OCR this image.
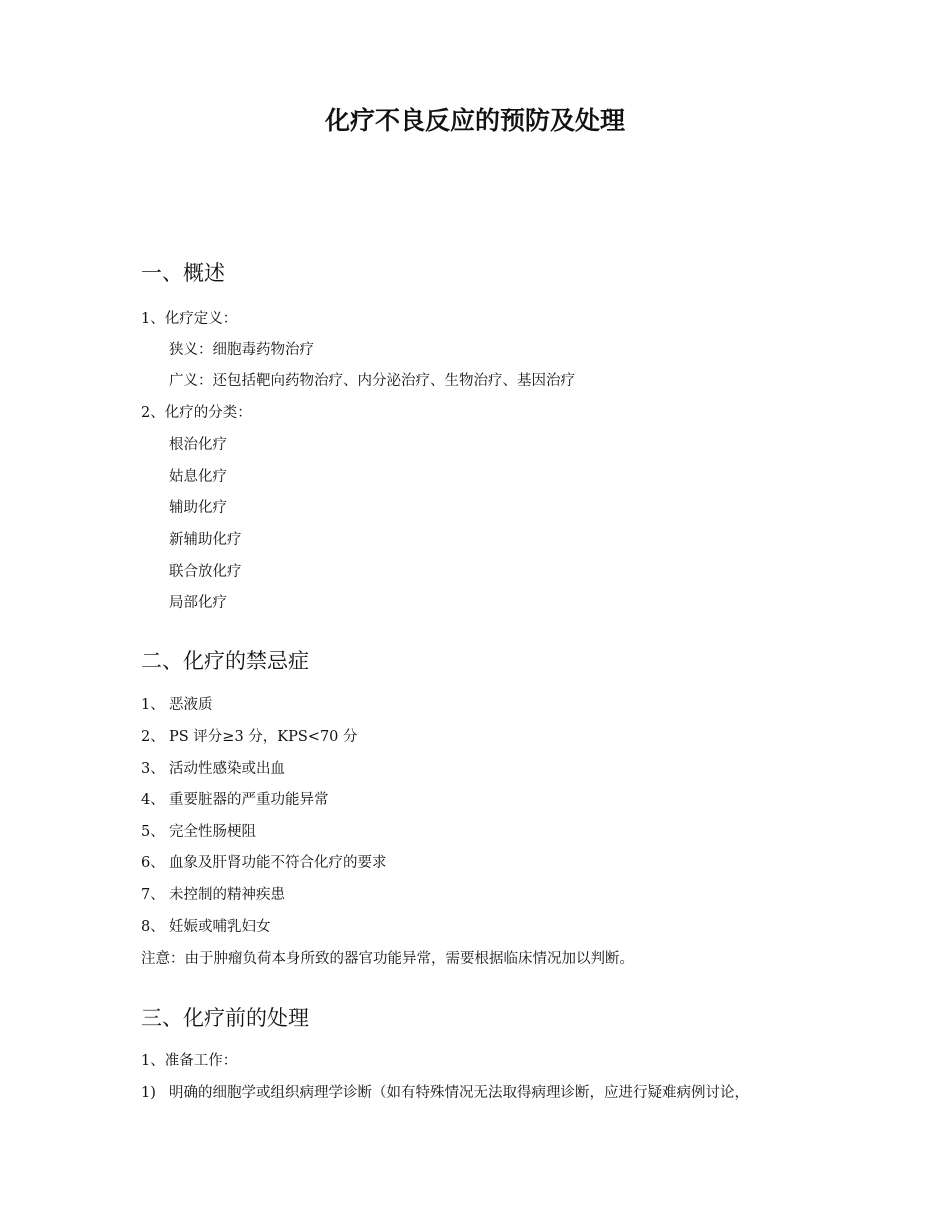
化疗不良反应的预防及处理
一、概述

1、化疗定义：

狭义：细胞毒药物治疗

广义：还包括靶向药物治疗、内分泌治疗、生物治疗、基因治疗

2、化疗的分类：

根治化疗

姑息化疗

辅助化疗

新辅助化疗

联合放化疗

局部化疗

二、化疗的禁忌症

1、 恶液质

2、 PS 评分≥3 分，KPS<70 分

3、 活动性感染或出血

4、 重要脏器的严重功能异常

5、 完全性肠梗阻

6、 血象及肝肾功能不符合化疗的要求

7、 未控制的精神疾患

8、 妊娠或哺乳妇女

注意：由于肿瘤负荷本身所致的器官功能异常，需要根据临床情况加以判断。

三、化疗前的处理

1、准备工作：

1) 明确的细胞学或组织病理学诊断（如有特殊情况无法取得病理诊断，应进行疑难病例讨论，
